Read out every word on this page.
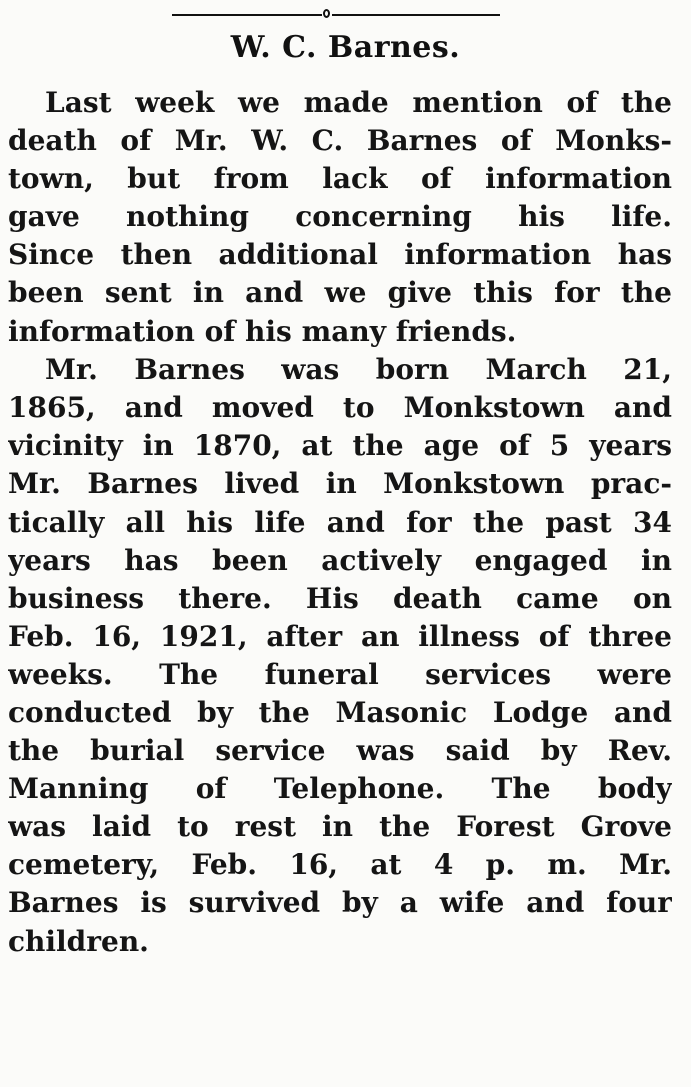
W. C. Barnes.
Last week we made mention of the
death of Mr. W. C. Barnes of Monks-
town, but from lack of information
gave nothing concerning his life.
Since then additional information has
been sent in and we give this for the
information of his many friends.
Mr. Barnes was born March 21,
1865, and moved to Monkstown and
vicinity in 1870, at the age of 5 years
Mr. Barnes lived in Monkstown prac-
tically all his life and for the past 34
years has been actively engaged in
business there. His death came on
Feb. 16, 1921, after an illness of three
weeks. The funeral services were
conducted by the Masonic Lodge and
the burial service was said by Rev.
Manning of Telephone. The body
was laid to rest in the Forest Grove
cemetery, Feb. 16, at 4 p. m. Mr.
Barnes is survived by a wife and four
children.
